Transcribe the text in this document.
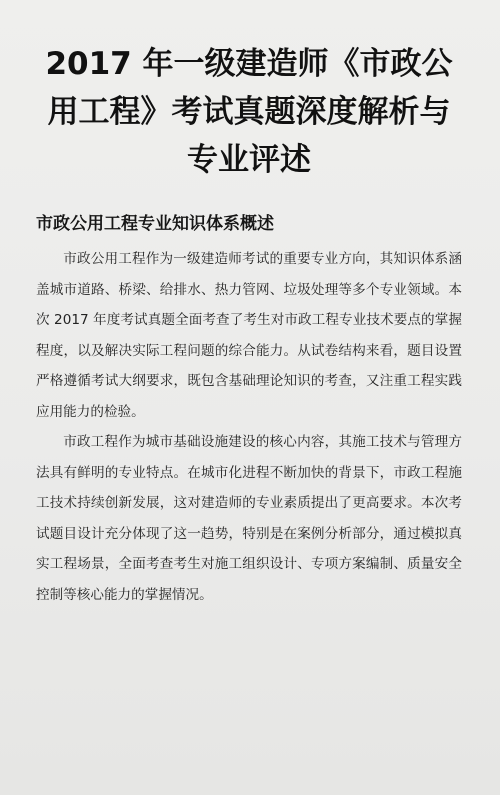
2017 年一级建造师《市政公用工程》考试真题深度解析与专业评述
市政公用工程专业知识体系概述

市政公用工程作为一级建造师考试的重要专业方向，其知识体系涵盖城市道路、桥梁、给排水、热力管网、垃圾处理等多个专业领域。本次 2017 年度考试真题全面考查了考生对市政工程专业技术要点的掌握程度，以及解决实际工程问题的综合能力。从试卷结构来看，题目设置严格遵循考试大纲要求，既包含基础理论知识的考查，又注重工程实践应用能力的检验。

市政工程作为城市基础设施建设的核心内容，其施工技术与管理方法具有鲜明的专业特点。在城市化进程不断加快的背景下，市政工程施工技术持续创新发展，这对建造师的专业素质提出了更高要求。本次考试题目设计充分体现了这一趋势，特别是在案例分析部分，通过模拟真实工程场景，全面考查考生对施工组织设计、专项方案编制、质量安全控制等核心能力的掌握情况。
